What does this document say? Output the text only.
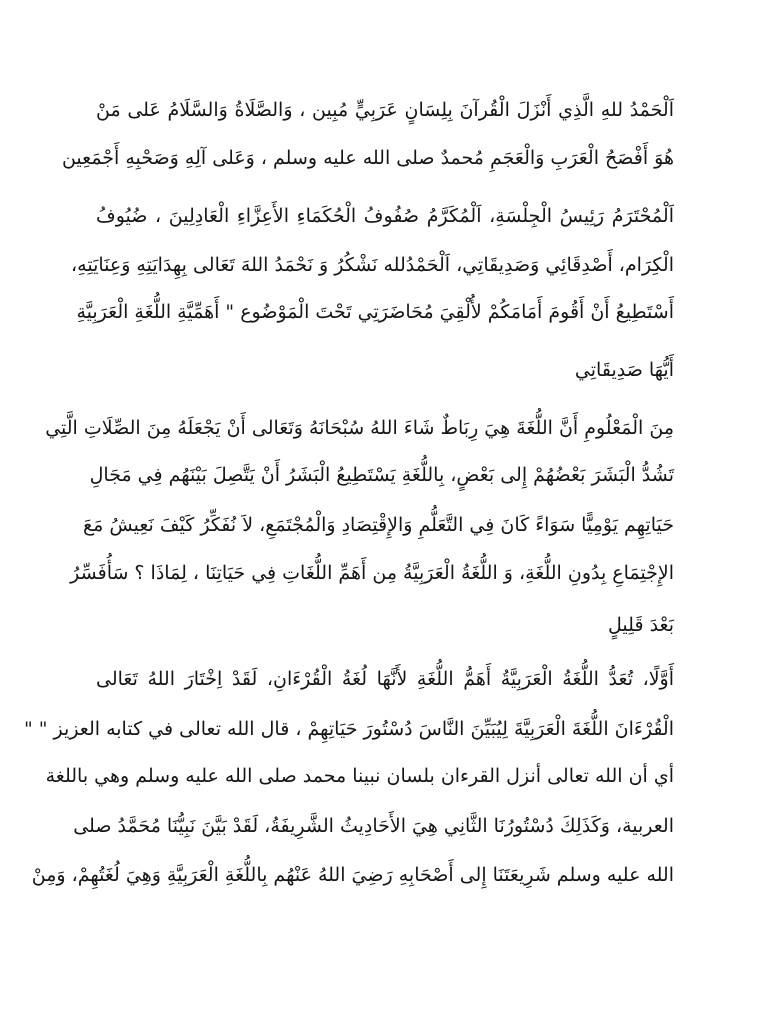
اَلْحَمْدُ للهِ الَّذِي أَنْزَلَ الْقُرآنَ بِلِسَانٍ عَرَبِيٍّ مُبِين ، وَالصَّلَاةُ وَالسَّلَامُ عَلى مَنْ
هُوَ أَفْصَحُ الْعَرَبِ وَالْعَجَمِ مُحمدٌ صلى الله عليه وسلم ، وَعَلى آلِهِ وَصَحْبِهِ أَجْمَعِين
اَلْمُحْتَرَمُ رَئِيسُ الْجِلْسَةِ، اَلْمُكَرَّمُ صُفُوفُ الْحُكَمَاءِ الأَعِزَّاءِ الْعَادِلِينَ ، ضُيُوفُ
الْكِرَام، أَصْدِقَائِي وَصَدِيقَاتِي، اَلْحَمْدُلله نَشْكُرُ وَ نَحْمَدُ اللهَ تَعَالى بِهِدَايَتِهِ وَعِنَايَتِهِ،
أَسْتَطِيعُ أَنْ أَقُومَ أَمَامَكُمْ لأُلْقِيَ مُحَاضَرَتِي تَحْتَ الْمَوْضُوع " أَهَمِّيَّةِ اللُّغَةِ الْعَرَبِيَّةِ
أَيُّهَا صَدِيقَاتِي
مِنَ الْمَعْلُومِ أَنَّ اللُّغَةَ هِيَ رِبَاطٌ شَاءَ اللهُ سُبْحَانَهُ وَتَعَالى أَنْ يَجْعَلَهُ مِنَ الصِّلَاتِ الَّتِي
تَشُدُّ الْبَشَرَ بَعْضُهُمْ إِلى بَعْضٍ، بِاللُّغَةِ يَسْتَطِيعُ الْبَشَرُ أَنْ يَتَّصِلَ بَيْنَهُم فِي مَجَالِ
حَيَاتِهِم يَوْمِيًّا سَوَاءً كَانَ فِي التَّعَلُّمِ وَالإِقْتِصَادِ وَالْمُجْتَمَعِ، لاَ نُفَكِّرُ كَيْفَ نَعِيشُ مَعَ
الإِجْتِمَاعِ بِدُونِ اللُّغَةِ، وَ اللُّغَةُ الْعَرَبِيَّةُ مِن أَهَمِّ اللُّغَاتِ فِي حَيَاتِنَا ، لِمَاذَا ؟ سَأُفَسِّرُ
بَعْدَ قَلِيلٍ
أَوَّلًا، تُعَدُّ اللُّغَةُ الْعَرَبِيَّةُ أَهَمُّ اللُّغَةِ لأَنَّهَا لُغَةُ الْقُرْءَانِ، لَقَدْ اِخْتَارَ اللهُ تَعَالى
الْقُرْءَانَ اللُّغَةَ الْعَرَبِيَّةَ لِيُبَيِّنَ النَّاسَ دُسْتُورَ حَيَاتِهِمْ ، قال الله تعالى في كتابه العزيز " "
أي أن الله تعالى أنزل القرءان بلسان نبينا محمد صلى الله عليه وسلم وهي باللغة
العربية، وَكَذَلِكَ دُسْتُورُنَا الثَّانِي هِيَ الأَحَادِيثُ الشَّرِيفَةُ، لَقَدْ بَيَّنَ نَبِيُّنَا مُحَمَّدُ صلى
الله عليه وسلم شَرِيعَتَنَا إِلى أَصْحَابِهِ رَضِيَ اللهُ عَنْهُم بِاللُّغَةِ الْعَرَبِيَّةِ وَهِيَ لُغَتُهِمْ، وَمِنْ
